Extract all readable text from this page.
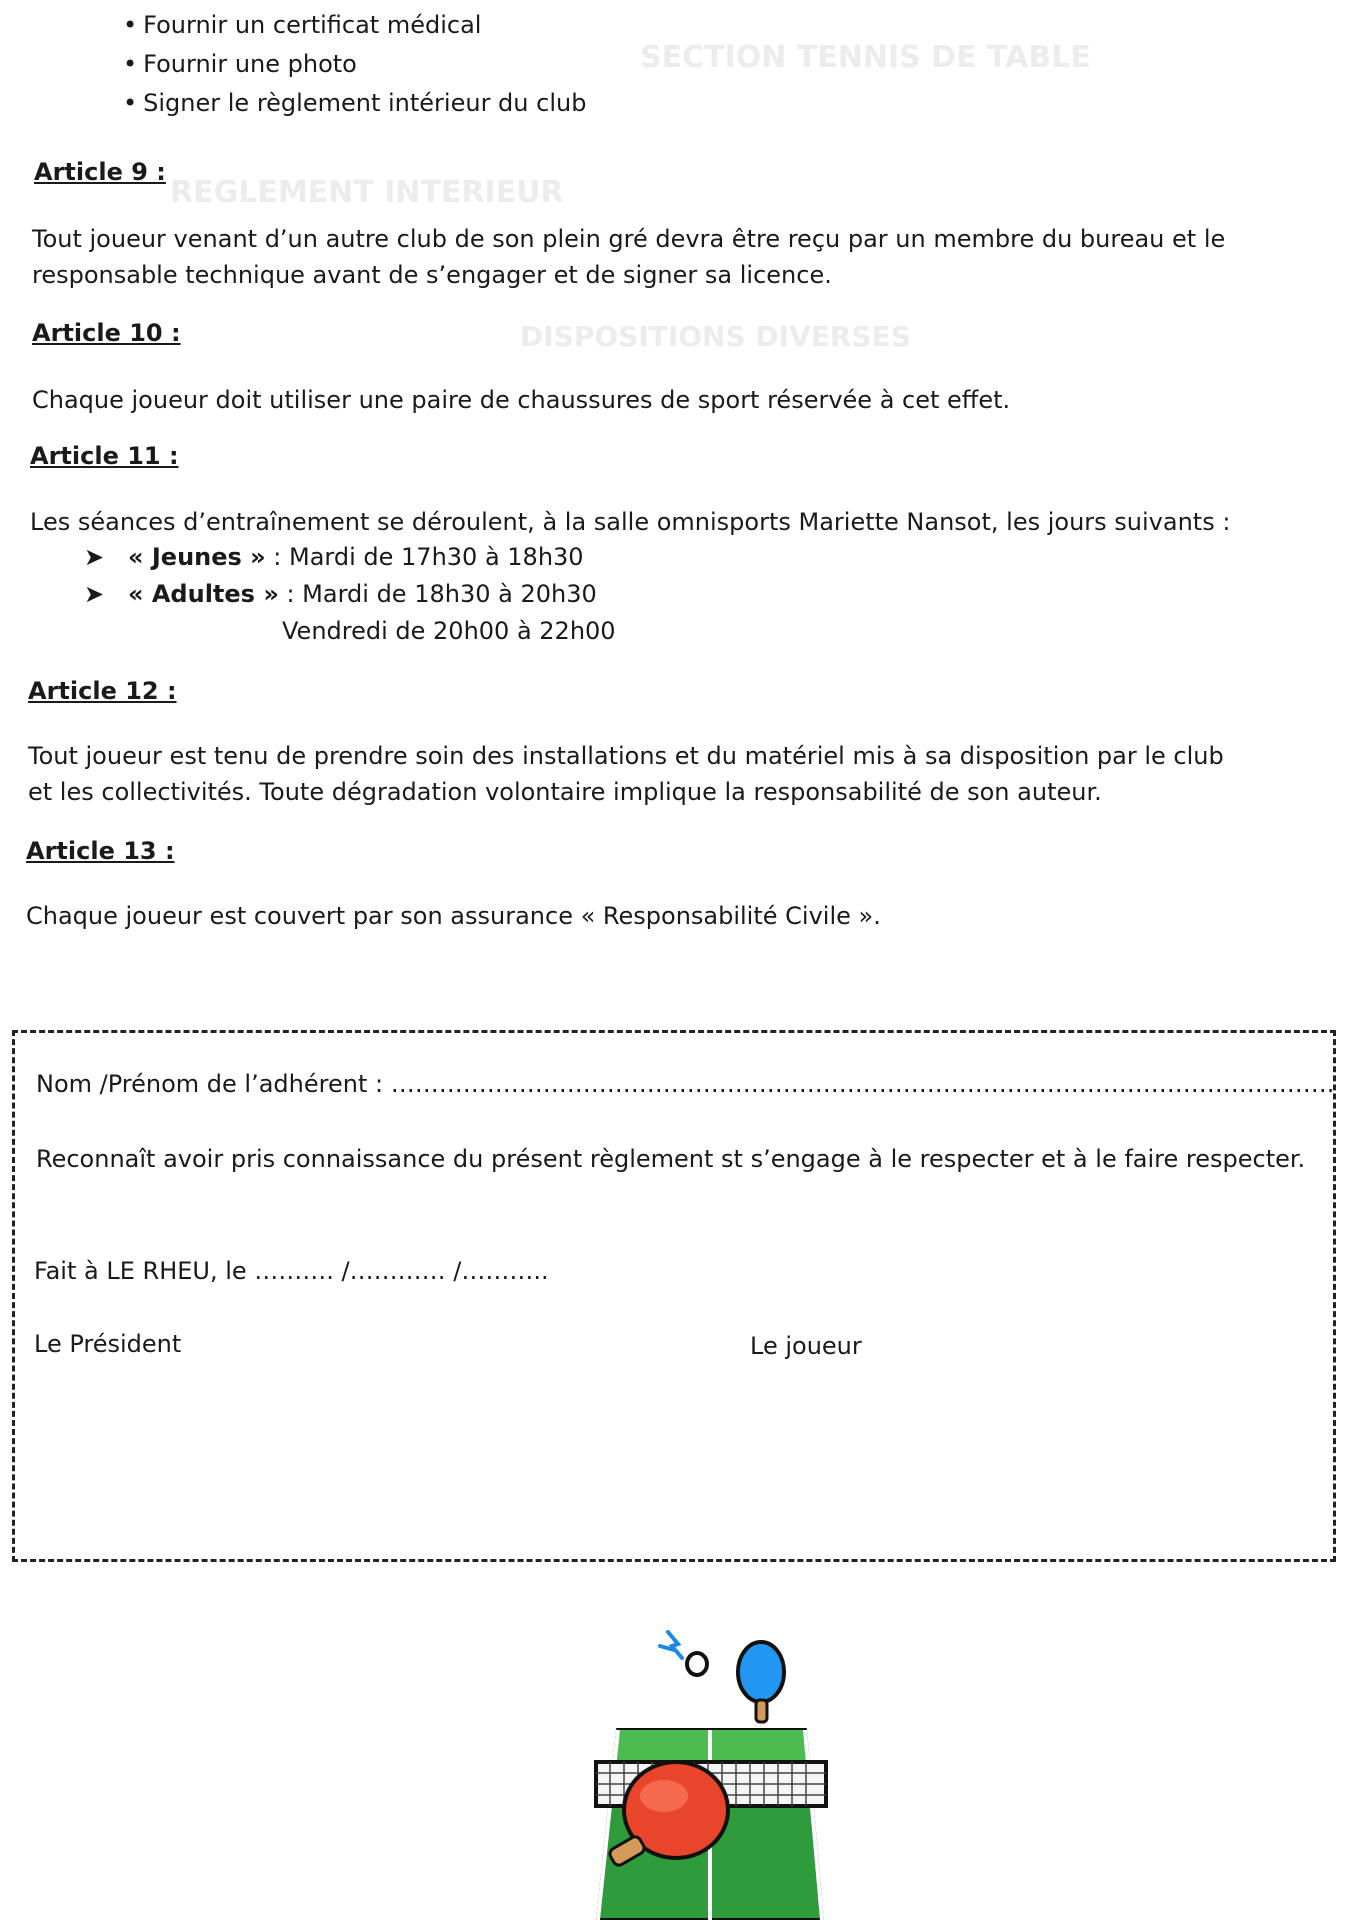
SECTION TENNIS DE TABLE
REGLEMENT INTERIEUR
DISPOSITIONS DIVERSES
• Fournir un certificat médical
• Fournir une photo
• Signer le règlement intérieur du club
Article 9 :
Tout joueur venant d’un autre club de son plein gré devra être reçu par un membre du bureau et le
responsable technique avant de s’engager et de signer sa licence.
Article 10 :
Chaque joueur doit utiliser une paire de chaussures de sport réservée à cet effet.
Article 11 :
Les séances d’entraînement se déroulent, à la salle omnisports Mariette Nansot, les jours suivants :
➤ « Jeunes » : Mardi de 17h30 à 18h30
➤ « Adultes » : Mardi de 18h30 à 20h30
Vendredi de 20h00 à 22h00
Article 12 :
Tout joueur est tenu de prendre soin des installations et du matériel mis à sa disposition par le club
et les collectivités. Toute dégradation volontaire implique la responsabilité de son auteur.
Article 13 :
Chaque joueur est couvert par son assurance « Responsabilité Civile ».
Nom /Prénom de l’adhérent : ……………………………………………………………………………………………………….
Reconnaît avoir pris connaissance du présent règlement st s’engage à le respecter et à le faire respecter.
Fait à LE RHEU, le ………. /………… /………..
Le Président	Le joueur
